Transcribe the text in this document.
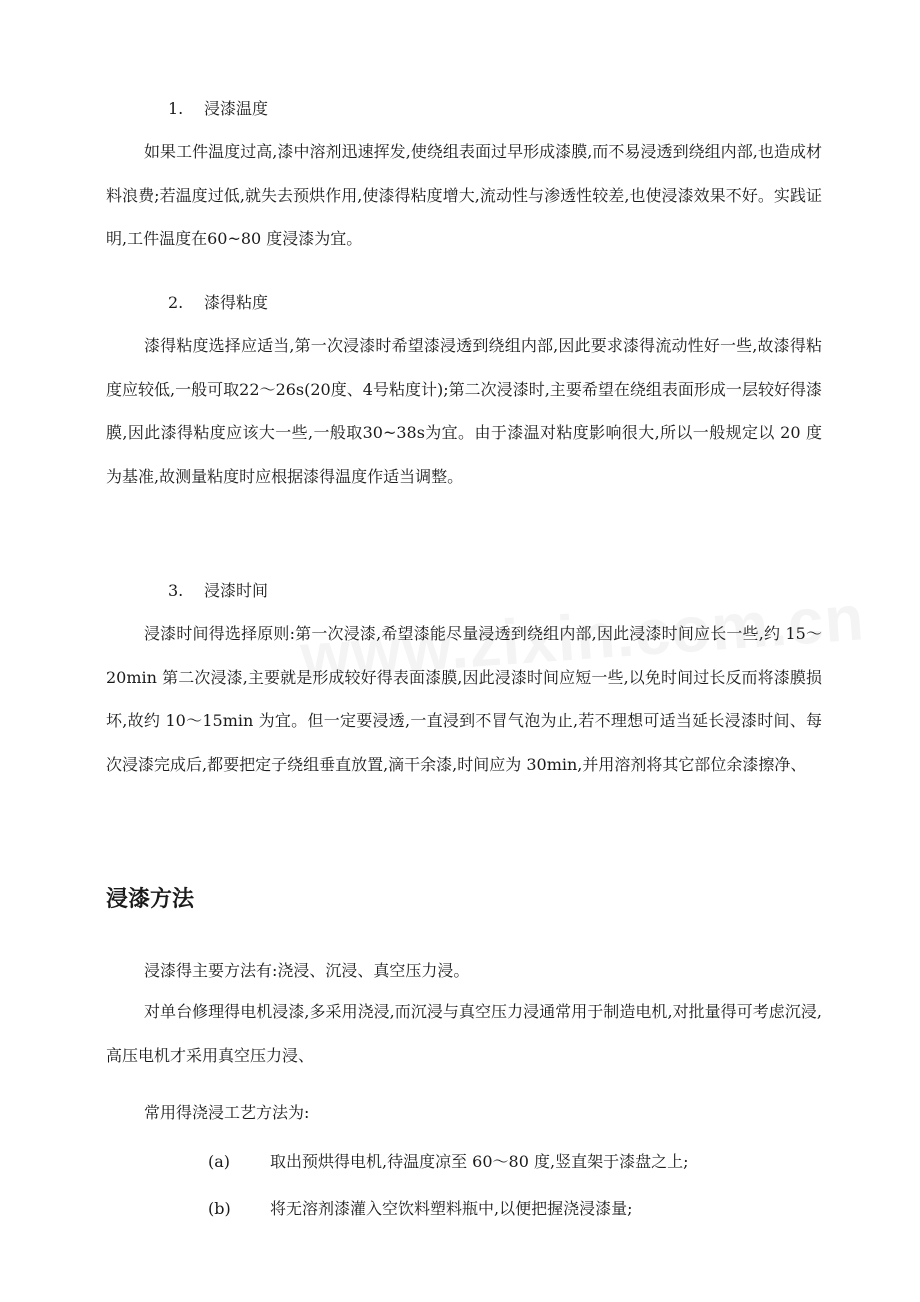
1. 浸漆温度

如果工件温度过高,漆中溶剂迅速挥发,使绕组表面过早形成漆膜,而不易浸透到绕组内部,也造成材料浪费;若温度过低,就失去预烘作用,使漆得粘度增大,流动性与渗透性较差,也使浸漆效果不好。实践证明,工件温度在60~80 度浸漆为宜。

2. 漆得粘度

漆得粘度选择应适当,第一次浸漆时希望漆浸透到绕组内部,因此要求漆得流动性好一些,故漆得粘度应较低,一般可取22～26s(20度、4号粘度计);第二次浸漆时,主要希望在绕组表面形成一层较好得漆膜,因此漆得粘度应该大一些,一般取30~38s为宜。由于漆温对粘度影响很大,所以一般规定以 20 度为基准,故测量粘度时应根据漆得温度作适当调整。

3. 浸漆时间

浸漆时间得选择原则:第一次浸漆,希望漆能尽量浸透到绕组内部,因此浸漆时间应长一些,约 15～20min 第二次浸漆,主要就是形成较好得表面漆膜,因此浸漆时间应短一些,以免时间过长反而将漆膜损坏,故约 10～15min 为宜。但一定要浸透,一直浸到不冒气泡为止,若不理想可适当延长浸漆时间、每次浸漆完成后,都要把定子绕组垂直放置,滴干余漆,时间应为 30min,并用溶剂将其它部位余漆擦净、

浸漆方法
浸漆得主要方法有:浇浸、沉浸、真空压力浸。

对单台修理得电机浸漆,多采用浇浸,而沉浸与真空压力浸通常用于制造电机,对批量得可考虑沉浸,高压电机才采用真空压力浸、

常用得浇浸工艺方法为:
(a) 取出预烘得电机,待温度凉至 60～80 度,竖直架于漆盘之上;
(b) 将无溶剂漆灌入空饮料塑料瓶中,以便把握浇浸漆量;
